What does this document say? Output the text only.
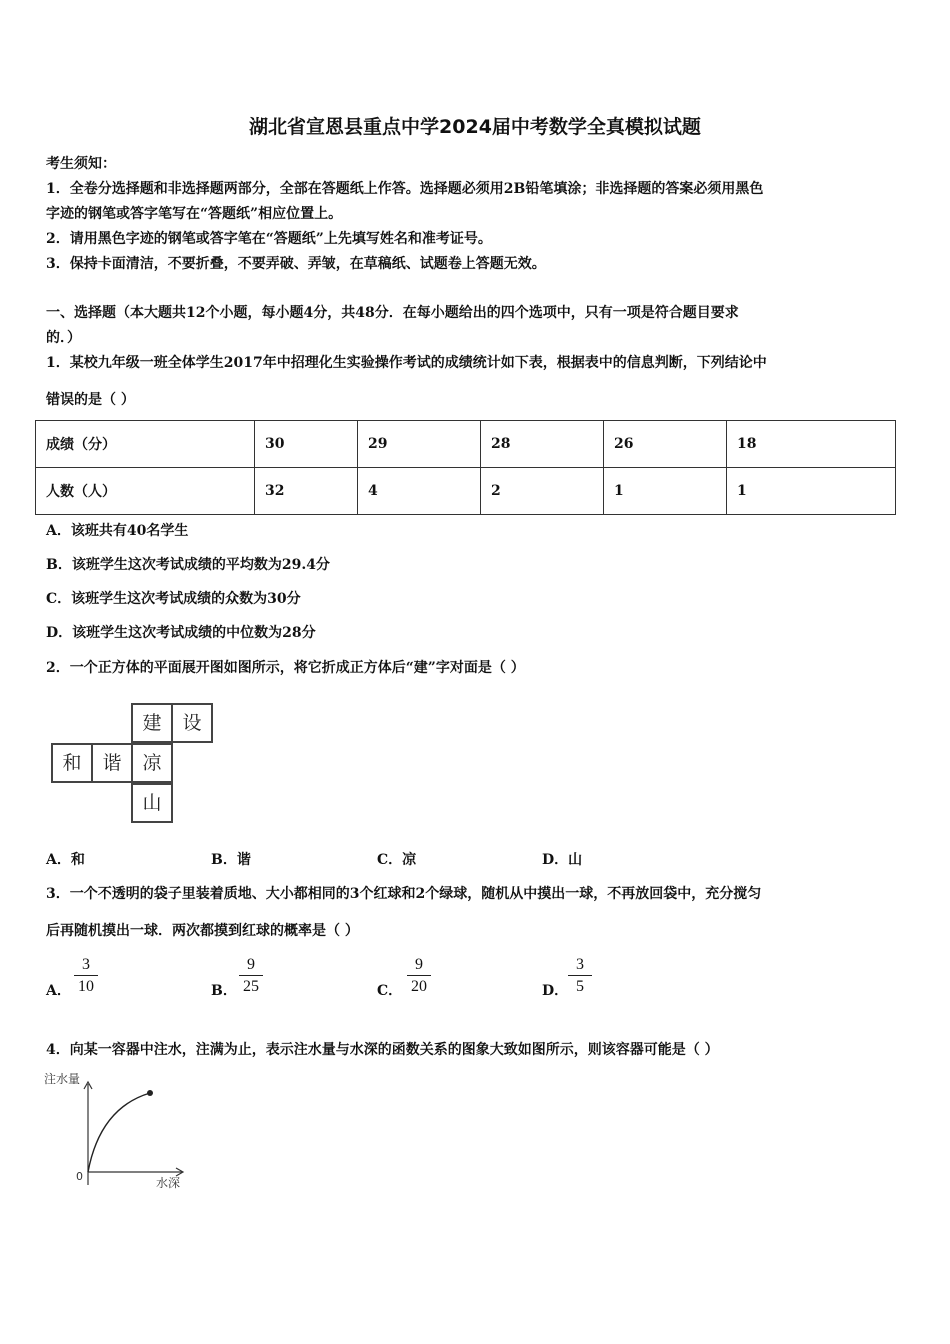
湖北省宣恩县重点中学2024届中考数学全真模拟试题
考生须知：
1．全卷分选择题和非选择题两部分，全部在答题纸上作答。选择题必须用2B铅笔填涂；非选择题的答案必须用黑色
字迹的钢笔或答字笔写在“答题纸”相应位置上。
2．请用黑色字迹的钢笔或答字笔在“答题纸”上先填写姓名和准考证号。
3．保持卡面清洁，不要折叠，不要弄破、弄皱，在草稿纸、试题卷上答题无效。
一、选择题（本大题共12个小题，每小题4分，共48分．在每小题给出的四个选项中，只有一项是符合题目要求
的．）
1．某校九年级一班全体学生2017年中招理化生实验操作考试的成绩统计如下表，根据表中的信息判断，下列结论中
错误的是（ ）
成绩（分）	30	29	28	26	18
人数（人）	32	4	2	1	1
A．该班共有40名学生
B．该班学生这次考试成绩的平均数为29.4分
C．该班学生这次考试成绩的众数为30分
D．该班学生这次考试成绩的中位数为28分
2．一个正方体的平面展开图如图所示，将它折成正方体后“建”字对面是（ ）
建	设
和	谐	凉
山
A．和	B．谐	C．凉	D．山
3．一个不透明的袋子里装着质地、大小都相同的3个红球和2个绿球，随机从中摸出一球，不再放回袋中，充分搅匀
后再随机摸出一球．两次都摸到红球的概率是（ ）
A．
3
10	B．
9
25	C．
9
20	D．
3
5
4．向某一容器中注水，注满为止，表示注水量与水深的函数关系的图象大致如图所示，则该容器可能是（ ）
注水量
水深
0
